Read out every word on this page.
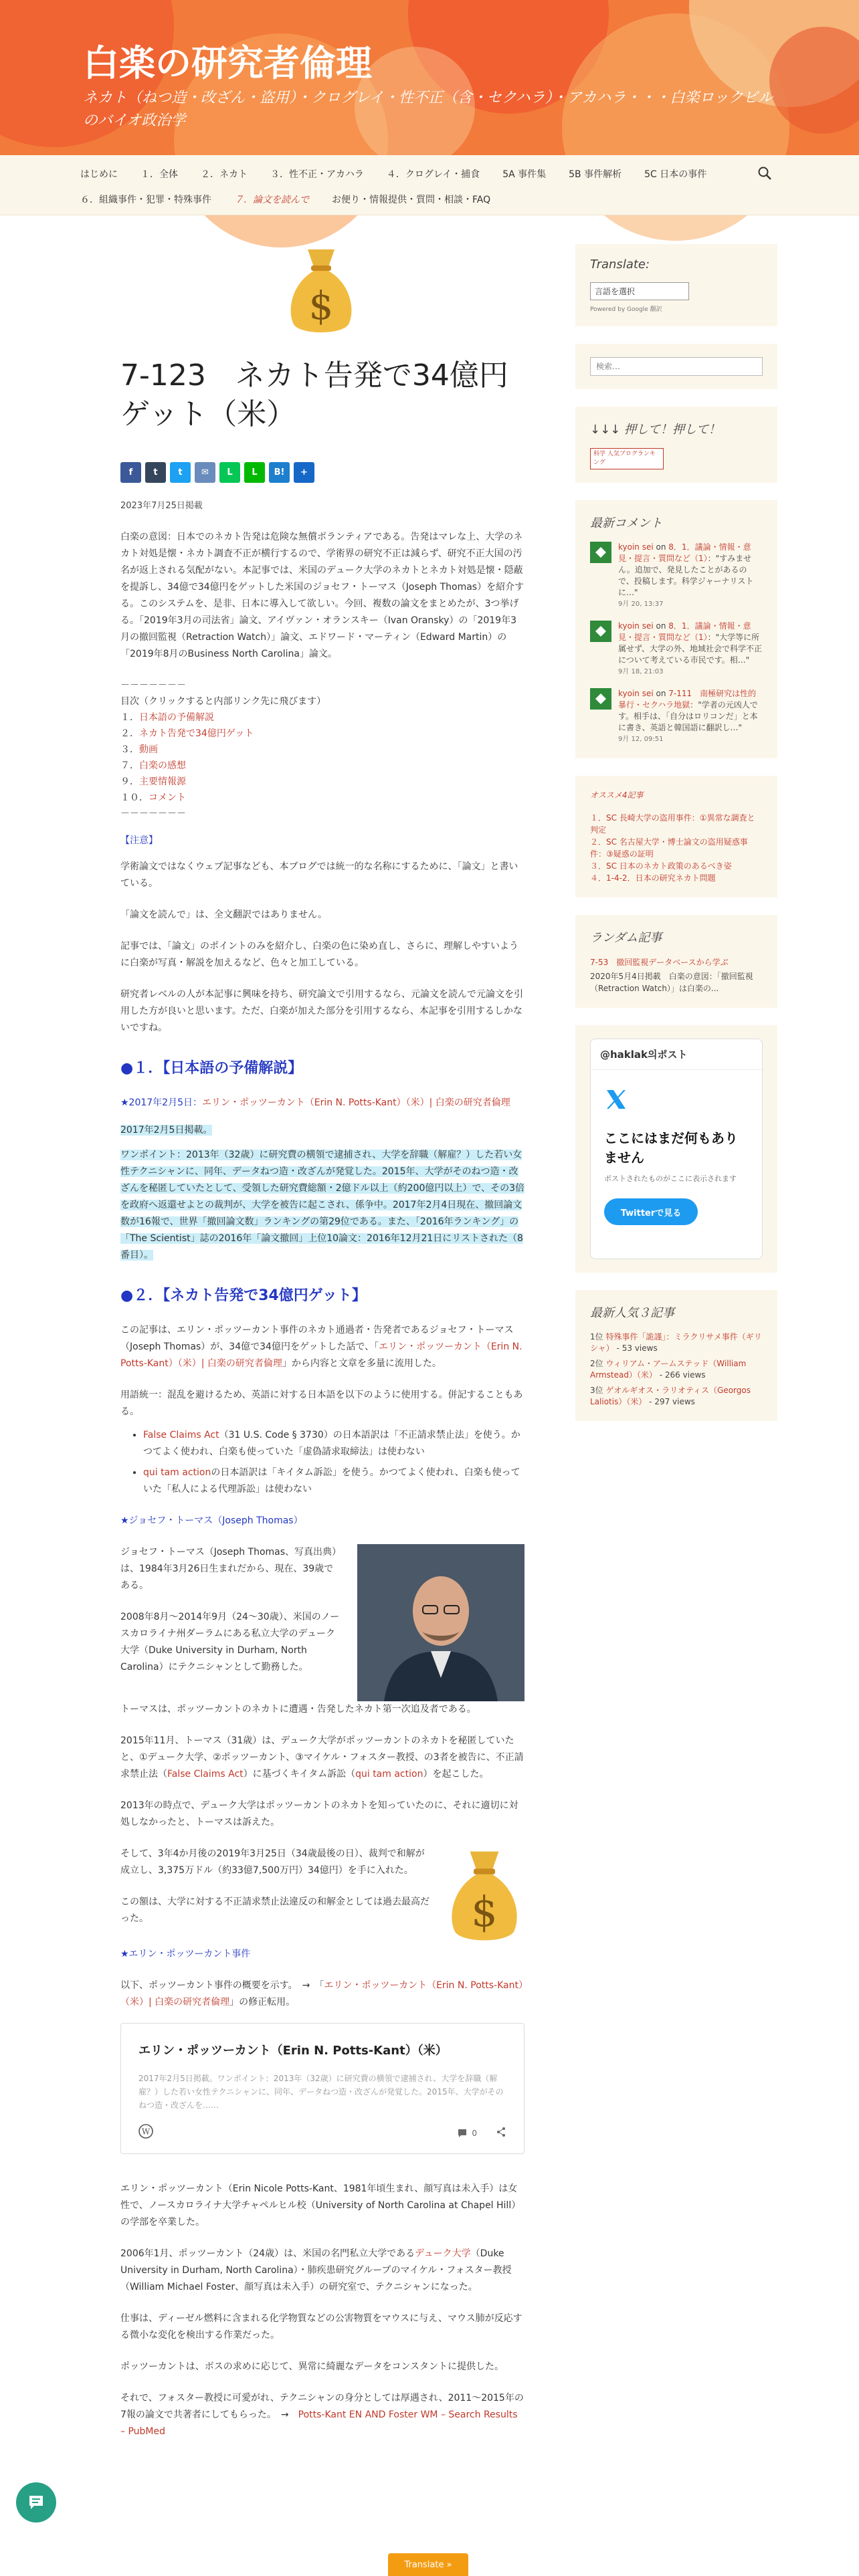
白楽の研究者倫理
ネカト（ねつ造・改ざん・盗用）・クログレイ・性不正（含・セクハラ）・アカハラ・・・白楽ロックビルのバイオ政治学
はじめに	１．全体	２．ネカト	３．性不正・アカハラ	４．クログレイ・捕食	5A 事件集	5B 事件解析	5C 日本の事件
６．組織事件・犯罪・特殊事件	７．論文を読んで	お便り・情報提供・質問・相談・FAQ
$
7-123　ネカト告発で34億円ゲット（米）
f	t	t	✉	L	L	B!	+
2023年7月25日掲載
白楽の意図：日本でのネカト告発は危険な無償ボランティアである。告発はマレな上、大学のネカト対処是懐・ネカト調査不正が横行するので、学術界の研究不正は減らず、研究不正大国の汚名が返上される気配がない。本記事では、米国のデューク大学のネカトとネカト対処是懐・隠蔽を提訴し、34億で34億円をゲットした米国のジョセフ・トーマス（Joseph Thomas）を紹介する。このシステムを、是非、日本に導入して欲しい。今回、複数の論文をまとめたが、3つ挙げる。「2019年3月の司法省」論文、アイヴァン・オランスキー（Ivan Oransky）の「2019年3月の撤回監視（Retraction Watch）」論文、エドワード・マーティン（Edward Martin）の「2019年8月のBusiness North Carolina」論文。
－－－－－－－
目次（クリックすると内部リンク先に飛びます）
１．日本語の予備解説
２．ネカト告発で34億円ゲット
３．動画
７．白楽の感想
９．主要情報源
１０．コメント
－－－－－－－
【注意】
学術論文ではなくウェブ記事なども、本ブログでは統一的な名称にするために、「論文」と書いている。
「論文を読んで」は、全文翻訳ではありません。
記事では、「論文」のポイントのみを紹介し、白楽の色に染め直し、さらに、理解しやすいように白楽が写真・解説を加えるなど、色々と加工している。
研究者レベルの人が本記事に興味を持ち、研究論文で引用するなら、元論文を読んで元論文を引用した方が良いと思います。ただ、白楽が加えた部分を引用するなら、本記事を引用するしかないですね。
●１．【日本語の予備解説】
★2017年2月5日：エリン・ポッツーカント（Erin N. Potts-Kant）（米）| 白楽の研究者倫理
2017年2月5日掲載。
ワンポイント：2013年（32歳）に研究費の横領で逮捕され、大学を辞職（解雇？）した若い女性テクニシャンに、同年、データねつ造・改ざんが発覚した。2015年、大学がそのねつ造・改ざんを秘匿していたとして、受領した研究費総額・2億ドル以上（約200億円以上）で、その3倍を政府へ返還せよとの裁判が、大学を被告に起こされ、係争中。2017年2月4日現在、撤回論文数が16報で、世界「撤回論文数」ランキングの第29位である。また、「2016年ランキング」の「The Scientist」誌の2016年「論文撤回」上位10論文：2016年12月21日にリストされた（8番目）。
●２．【ネカト告発で34億円ゲット】
この記事は、エリン・ポッツーカント事件のネカト通過者・告発者であるジョセフ・トーマス（Joseph Thomas）が、34億で34億円をゲットした話で、「エリン・ポッツーカント（Erin N. Potts-Kant）（米）| 白楽の研究者倫理」から内容と文章を多量に流用した。
用語統一：混乱を避けるため、英語に対する日本語を以下のように使用する。併記することもある。
• False Claims Act（31 U.S. Code § 3730）の日本語訳は「不正請求禁止法」を使う。かつてよく使われ、白楽も使っていた「虚偽請求取締法」は使わない
• qui tam actionの日本語訳は「キイタム訴訟」を使う。かつてよく使われ、白楽も使っていた「私人による代理訴訟」は使わない
★ジョセフ・トーマス（Joseph Thomas）
ジョセフ・トーマス（Joseph Thomas、写真出典）は、1984年3月26日生まれだから、現在、39歳である。
2008年8月～2014年9月（24～30歳）、米国のノースカロライナ州ダーラムにある私立大学のデューク大学（Duke University in Durham, North Carolina）にテクニシャンとして勤務した。
トーマスは、ポッツーカントのネカトに遭遇・告発したネカト第一次追及者である。
2015年11月、トーマス（31歳）は、デューク大学がポッツーカントのネカトを秘匿していたと、①デューク大学、②ポッツーカント、③マイケル・フォスター教授、の3者を被告に、不正請求禁止法（False Claims Act）に基づくキイタム訴訟（qui tam action）を起こした。
2013年の時点で、デューク大学はポッツーカントのネカトを知っていたのに、それに適切に対処しなかったと、トーマスは訴えた。
そして、3年4か月後の2019年3月25日（34歳最後の日）、裁判で和解が成立し、3,375万ドル（約33億7,500万円）34億円）を手に入れた。
この額は、大学に対する不正請求禁止法違反の和解金としては過去最高だった。	$
★エリン・ポッツーカント事件
以下、ポッツーカント事件の概要を示す。　→　「エリン・ポッツーカント（Erin N. Potts-Kant）（米）| 白楽の研究者倫理」の修正転用。
エリン・ポッツーカント（Erin N. Potts-Kant）（米）
2017年2月5日掲載。ワンポイント：2013年（32歳）に研究費の横領で逮捕され、大学を辞職（解雇？）した若い女性テクニシャンに、同年、データねつ造・改ざんが発覚した。2015年、大学がそのねつ造・改ざんを……
W	0
エリン・ポッツーカント（Erin Nicole Potts-Kant、1981年頃生まれ、顔写真は未入手）は女性で、ノースカロライナ大学チャペルヒル校（University of North Carolina at Chapel Hill）の学部を卒業した。
2006年1月、ポッツーカント（24歳）は、米国の名門私立大学であるデューク大学（Duke University in Durham, North Carolina）・肺疾患研究グループのマイケル・フォスター教授（William Michael Foster、顔写真は未入手）の研究室で、テクニシャンになった。
仕事は、ディーゼル燃料に含まれる化学物質などの公害物質をマウスに与え、マウス肺が反応する微小な変化を検出する作業だった。
ポッツーカントは、ボスの求めに応じて、異常に綺麗なデータをコンスタントに提供した。
それで、フォスター教授に可愛がれ、テクニシャンの身分としては厚遇され、2011～2015年の7報の論文で共著者にしてもらった。　→　Potts-Kant EN AND Foster WM – Search Results – PubMed
Translate:
言語を選択
Powered by Google 翻訳
検索…
↓↓↓ 押して！押して！
科学 人気ブログランキング
最新コメント
kyoin sei on 8．1．議論・情報・意見・提言・質問など（1）："すみません。追加で、発見したことがあるので、投稿します。科学ジャーナリストに…"
9月 20, 13:37
kyoin sei on 8．1．議論・情報・意見・提言・質問など（1）："大学等に所属せず、大学の外、地域社会で科学不正について考えている市民です。相…"
9月 18, 21:03
kyoin sei on 7-111　南極研究は性的暴行・セクハラ地獄："学者の元凶人です。相手は、「自分はロリコンだ」と本に書き、英語と韓国語に翻訳し…"
9月 12, 09:51
オススメ4記事
１．SC 長崎大学の盗用事件：①異常な調査と判定
２．SC 名古屋大学・博士論文の盗用疑惑事件：③疑惑の証明
３．SC 日本のネカト政策のあるべき姿
４．1‐4‐2．日本の研究ネカト問題
ランダム記事
7-53　撤回監視データベースから学ぶ
2020年5月4日掲載　白楽の意図：「撤回監視（Retraction Watch）」は白楽の...
@haklak의ポスト
ここにはまだ何もありません
ポストされたものがここに表示されます
Twitterで見る
最新人気３記事
1位 特殊事件「詭謹」：ミラクリサメ事件（ギリシャ） - 53 views
2位 ウィリアム・アームステッド（William Armstead）（米） - 266 views
3位 ゲオルギオス・ラリオティス（Georgos Laliotis）（米） - 297 views
Translate »
